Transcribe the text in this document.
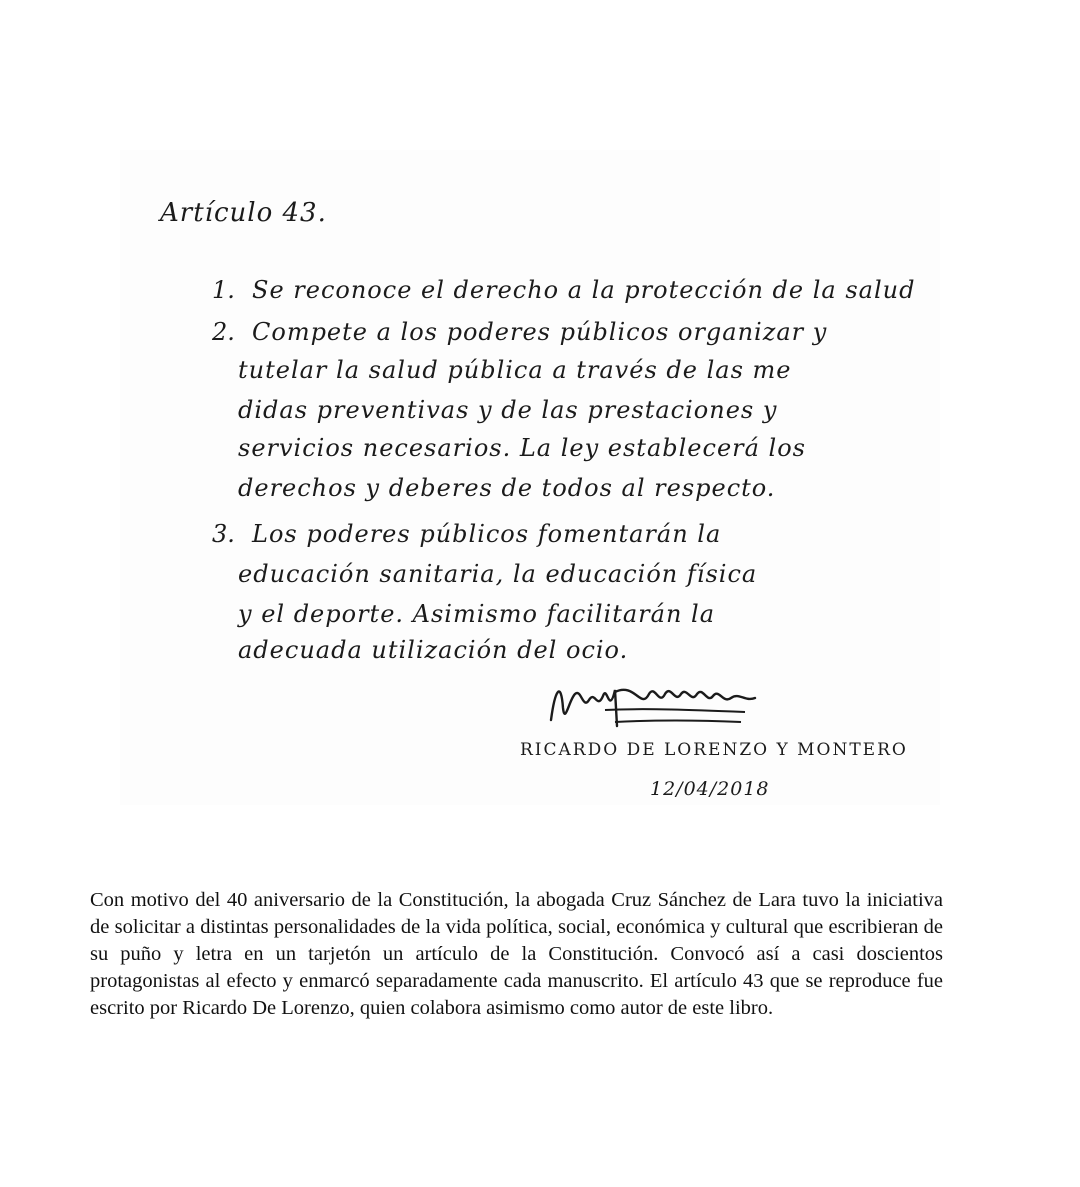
Artículo 43.
1. Se reconoce el derecho a la protección de la salud
2. Compete a los poderes públicos organizar y
tutelar la salud pública a través de las me
didas preventivas y de las prestaciones y
servicios necesarios. La ley establecerá los
derechos y deberes de todos al respecto.
3. Los poderes públicos fomentarán la
educación sanitaria, la educación física
y el deporte. Asimismo facilitarán la
adecuada utilización del ocio.
RICARDO DE LORENZO Y MONTERO
12/04/2018

Con motivo del 40 aniversario de la Constitución, la abogada Cruz Sánchez de Lara tuvo la iniciativa de solicitar a distintas personalidades de la vida política, social, económica y cultural que escribieran de su puño y letra en un tarjetón un artículo de la Constitución. Convocó así a casi doscientos protagonistas al efecto y enmarcó separadamente cada manuscrito. El artículo 43 que se reproduce fue escrito por Ricardo De Lorenzo, quien colabora asimismo como autor de este libro.
